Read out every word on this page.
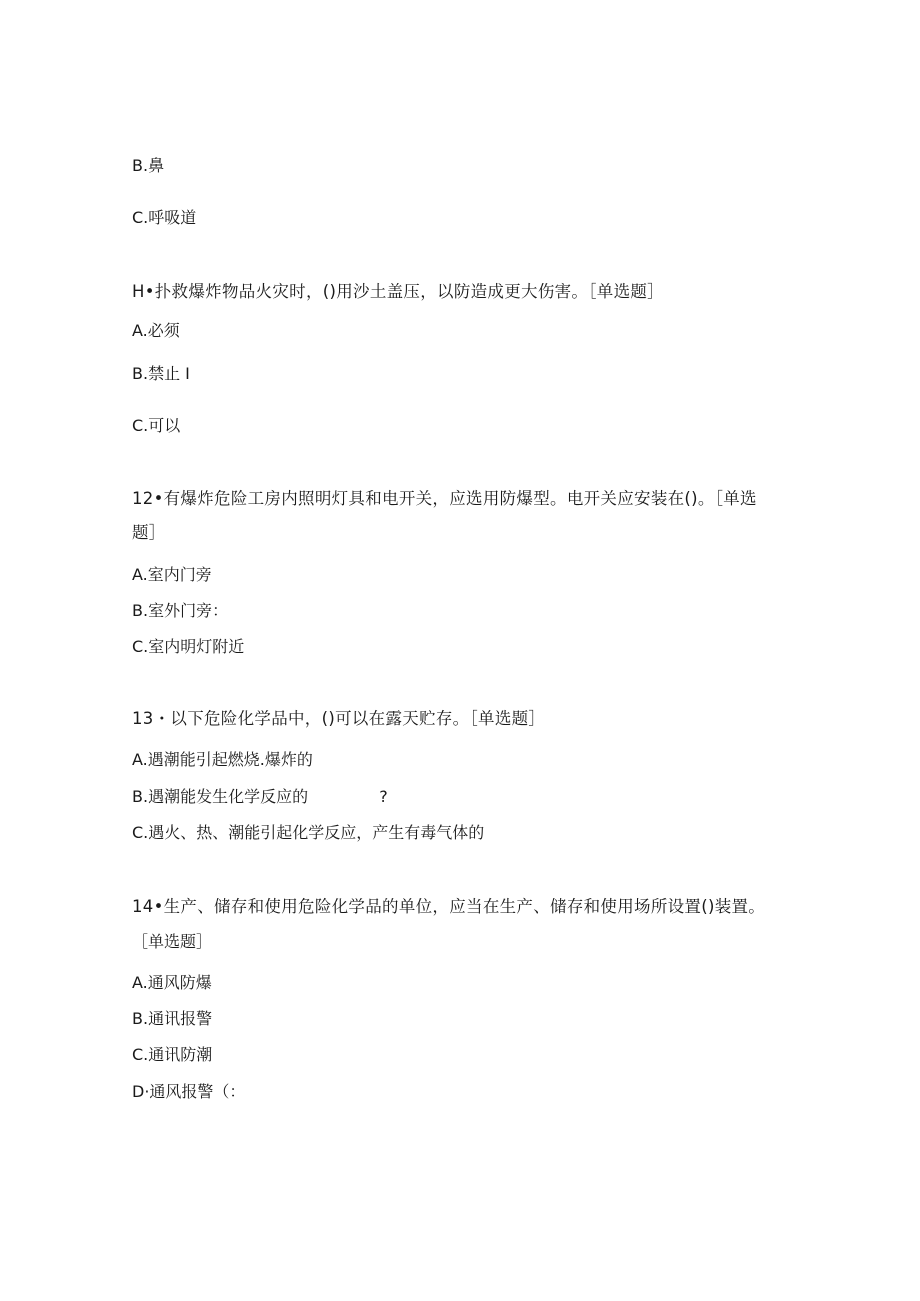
B.鼻
C.呼吸道
H•扑救爆炸物品火灾时，()用沙土盖压，以防造成更大伤害。［单选题］
A.必须
B.禁止 I
C.可以
12•有爆炸危险工房内照明灯具和电开关，应选用防爆型。电开关应安装在()。［单选
题］
A.室内门旁
B.室外门旁：
C.室内明灯附近
13・以下危险化学品中，()可以在露天贮存。［单选题］
A.遇潮能引起燃烧.爆炸的
B.遇潮能发生化学反应的              ?
C.遇火、热、潮能引起化学反应，产生有毒气体的
14•生产、储存和使用危险化学品的单位，应当在生产、储存和使用场所设置()装置。
［单选题］
A.通风防爆
B.通讯报警
C.通讯防潮
D·通风报警（：
